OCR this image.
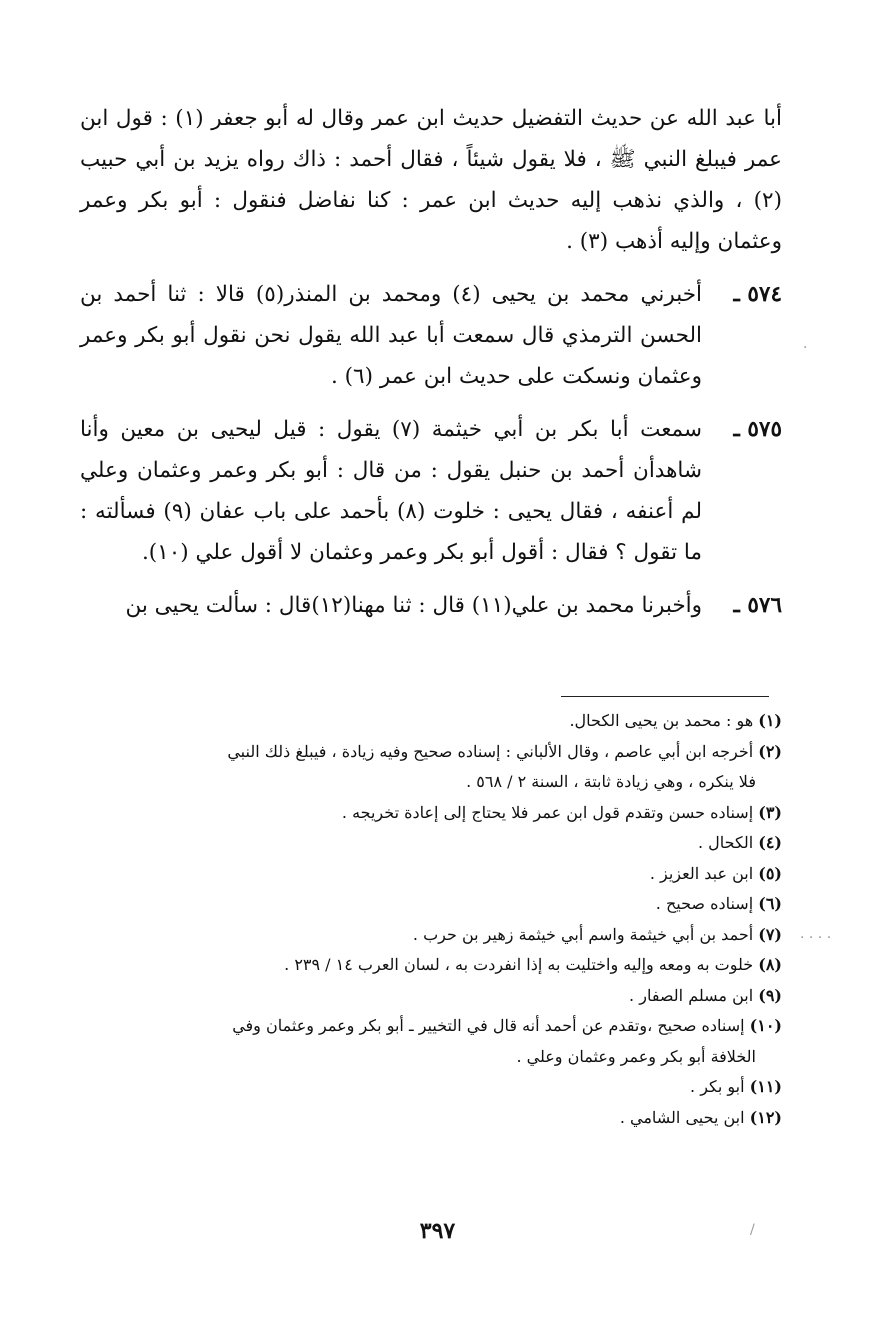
أبا عبد الله عن حديث التفضيل حديث ابن عمر وقال له أبو جعفر (١) : قول ابن عمر فيبلغ النبي ﷺ ، فلا يقول شيئاً ، فقال أحمد : ذاك رواه يزيد بن أبي حبيب (٢) ، والذي نذهب إليه حديث ابن عمر : كنا نفاضل فنقول : أبو بكر وعمر وعثمان وإليه أذهب (٣) .

٥٧٤ ـ
أخبرني محمد بن يحيى (٤) ومحمد بن المنذر(٥) قالا : ثنا أحمد بن الحسن الترمذي قال سمعت أبا عبد الله يقول نحن نقول أبو بكر وعمر وعثمان ونسكت على حديث ابن عمر (٦) .

٥٧٥ ـ
سمعت أبا بكر بن أبي خيثمة (٧) يقول : قيل ليحيى بن معين وأنا شاهدأن أحمد بن حنبل يقول : من قال : أبو بكر وعمر وعثمان وعلي لم أعنفه ، فقال يحيى : خلوت (٨) بأحمد على باب عفان (٩) فسألته : ما تقول ؟ فقال : أقول أبو بكر وعمر وعثمان لا أقول علي (١٠).

٥٧٦ ـ
وأخبرنا محمد بن علي(١١) قال : ثنا مهنا(١٢)قال : سألت يحيى بن

(١) هو : محمد بن يحيى الكحال.

(٢) أخرجه ابن أبي عاصم ، وقال الألباني : إسناده صحيح وفيه زيادة ، فيبلغ ذلك النبي
فلا ينكره ، وهي زيادة ثابتة ، السنة ٢ / ٥٦٨ .

(٣) إسناده حسن وتقدم قول ابن عمر فلا يحتاج إلى إعادة تخريجه .

(٤) الكحال .

(٥) ابن عبد العزيز .

(٦) إسناده صحيح .

(٧) أحمد بن أبي خيثمة واسم أبي خيثمة زهير بن حرب .

(٨) خلوت به ومعه وإليه واختليت به إذا انفردت به ، لسان العرب ١٤ / ٢٣٩ .

(٩) ابن مسلم الصفار .

(١٠) إسناده صحيح ،وتقدم عن أحمد أنه قال في التخيير ـ أبو بكر وعمر وعثمان وفي
الخلافة أبو بكر وعمر وعثمان وعلي .

(١١) أبو بكر .

(١٢) ابن يحيى الشامي .

٣٩٧
·
· · · ·
/
